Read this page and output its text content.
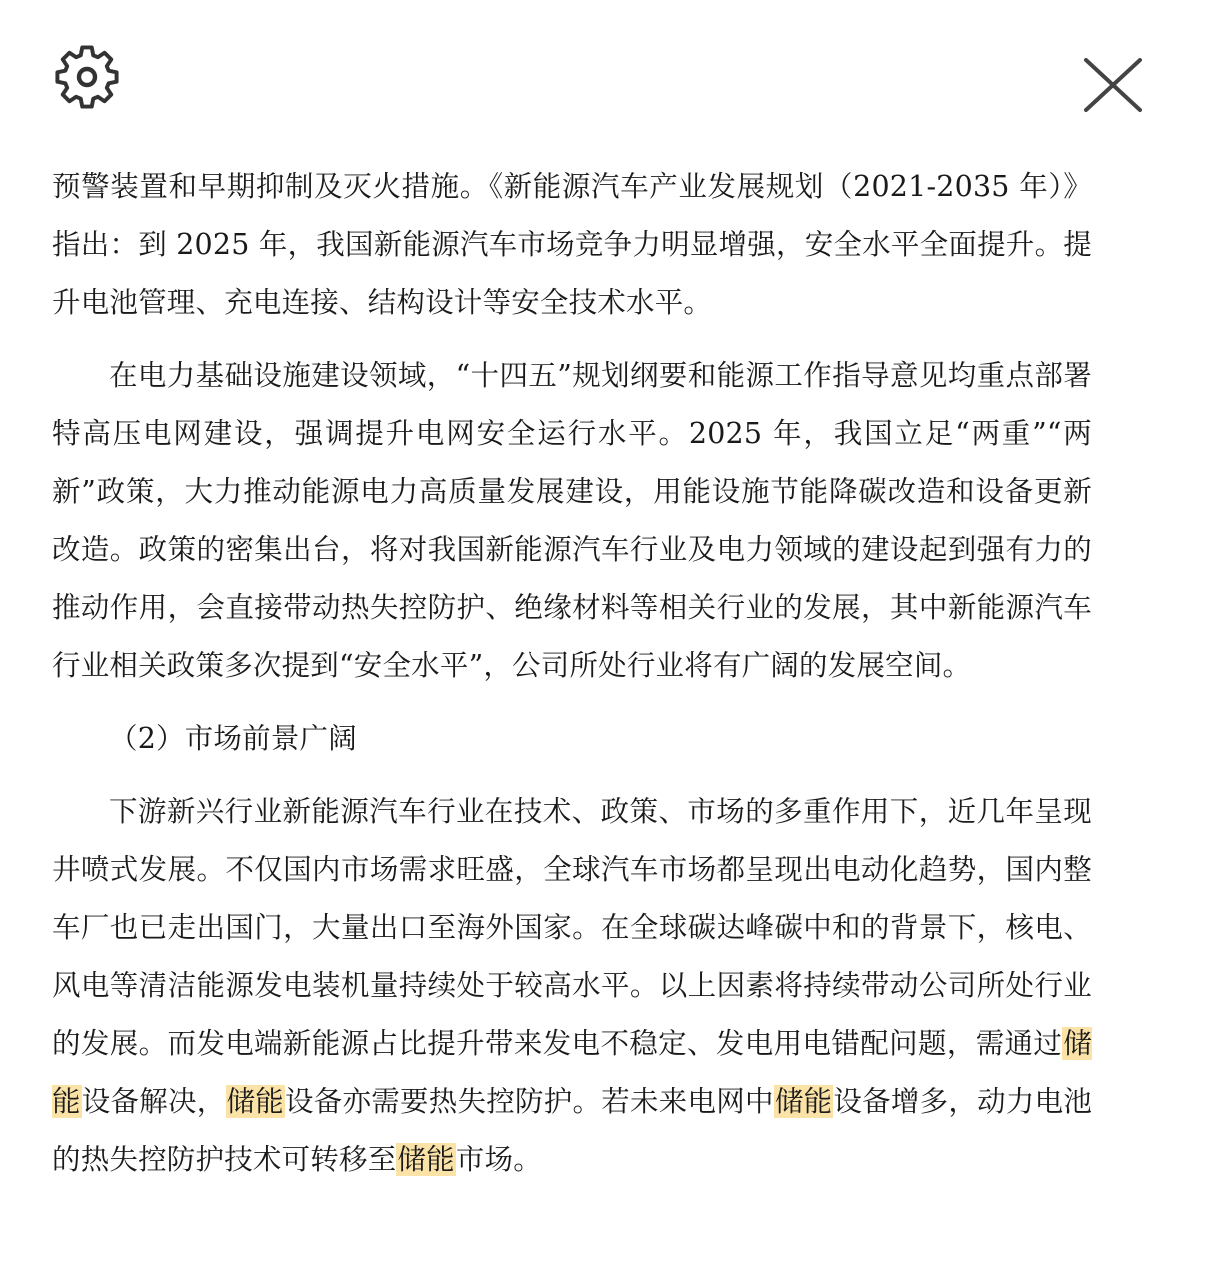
预警装置和早期抑制及灭火措施。《新能源汽车产业发展规划（2021-2035 年）》指出：到 2025 年，我国新能源汽车市场竞争力明显增强，安全水平全面提升。提升电池管理、充电连接、结构设计等安全技术水平。

在电力基础设施建设领域，“十四五”规划纲要和能源工作指导意见均重点部署特高压电网建设，强调提升电网安全运行水平。2025 年，我国立足“两重”“两新”政策，大力推动能源电力高质量发展建设，用能设施节能降碳改造和设备更新改造。政策的密集出台，将对我国新能源汽车行业及电力领域的建设起到强有力的推动作用，会直接带动热失控防护、绝缘材料等相关行业的发展，其中新能源汽车行业相关政策多次提到“安全水平”，公司所处行业将有广阔的发展空间。

（2）市场前景广阔

下游新兴行业新能源汽车行业在技术、政策、市场的多重作用下，近几年呈现井喷式发展。不仅国内市场需求旺盛，全球汽车市场都呈现出电动化趋势，国内整车厂也已走出国门，大量出口至海外国家。在全球碳达峰碳中和的背景下，核电、风电等清洁能源发电装机量持续处于较高水平。以上因素将持续带动公司所处行业的发展。而发电端新能源占比提升带来发电不稳定、发电用电错配问题，需通过储能设备解决，储能设备亦需要热失控防护。若未来电网中储能设备增多，动力电池的热失控防护技术可转移至储能市场。
